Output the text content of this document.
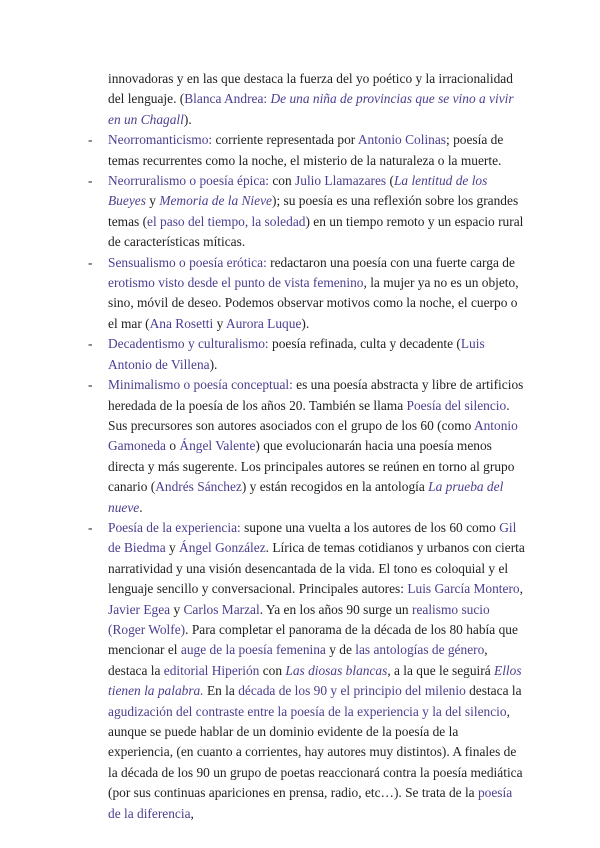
innovadoras y en las que destaca la fuerza del yo poético y la irracionalidad del lenguaje. (Blanca Andrea: De una niña de provincias que se vino a vivir en un Chagall).

- Neorromanticismo: corriente representada por Antonio Colinas; poesía de temas recurrentes como la noche, el misterio de la naturaleza o la muerte.

- Neorruralismo o poesía épica: con Julio Llamazares (La lentitud de los Bueyes y Memoria de la Nieve); su poesía es una reflexión sobre los grandes temas (el paso del tiempo, la soledad) en un tiempo remoto y un espacio rural de características míticas.

- Sensualismo o poesía erótica: redactaron una poesía con una fuerte carga de erotismo visto desde el punto de vista femenino, la mujer ya no es un objeto, sino, móvil de deseo. Podemos observar motivos como la noche, el cuerpo o el mar (Ana Rosetti y Aurora Luque).

- Decadentismo y culturalismo: poesía refinada, culta y decadente (Luis Antonio de Villena).

- Minimalismo o poesía conceptual: es una poesía abstracta y libre de artificios heredada de la poesía de los años 20. También se llama Poesía del silencio. Sus precursores son autores asociados con el grupo de los 60 (como Antonio Gamoneda o Ángel Valente) que evolucionarán hacia una poesía menos directa y más sugerente. Los principales autores se reúnen en torno al grupo canario (Andrés Sánchez) y están recogidos en la antología La prueba del nueve.

- Poesía de la experiencia: supone una vuelta a los autores de los 60 como Gil de Biedma y Ángel González. Lírica de temas cotidianos y urbanos con cierta narratividad y una visión desencantada de la vida. El tono es coloquial y el lenguaje sencillo y conversacional. Principales autores: Luis García Montero, Javier Egea y Carlos Marzal. Ya en los años 90 surge un realismo sucio (Roger Wolfe). Para completar el panorama de la década de los 80 había que mencionar el auge de la poesía femenina y de las antologías de género, destaca la editorial Hiperión con Las diosas blancas, a la que le seguirá Ellos tienen la palabra. En la década de los 90 y el principio del milenio destaca la agudización del contraste entre la poesía de la experiencia y la del silencio, aunque se puede hablar de un dominio evidente de la poesía de la experiencia, (en cuanto a corrientes, hay autores muy distintos). A finales de la década de los 90 un grupo de poetas reaccionará contra la poesía mediática (por sus continuas apariciones en prensa, radio, etc…). Se trata de la poesía de la diferencia,
